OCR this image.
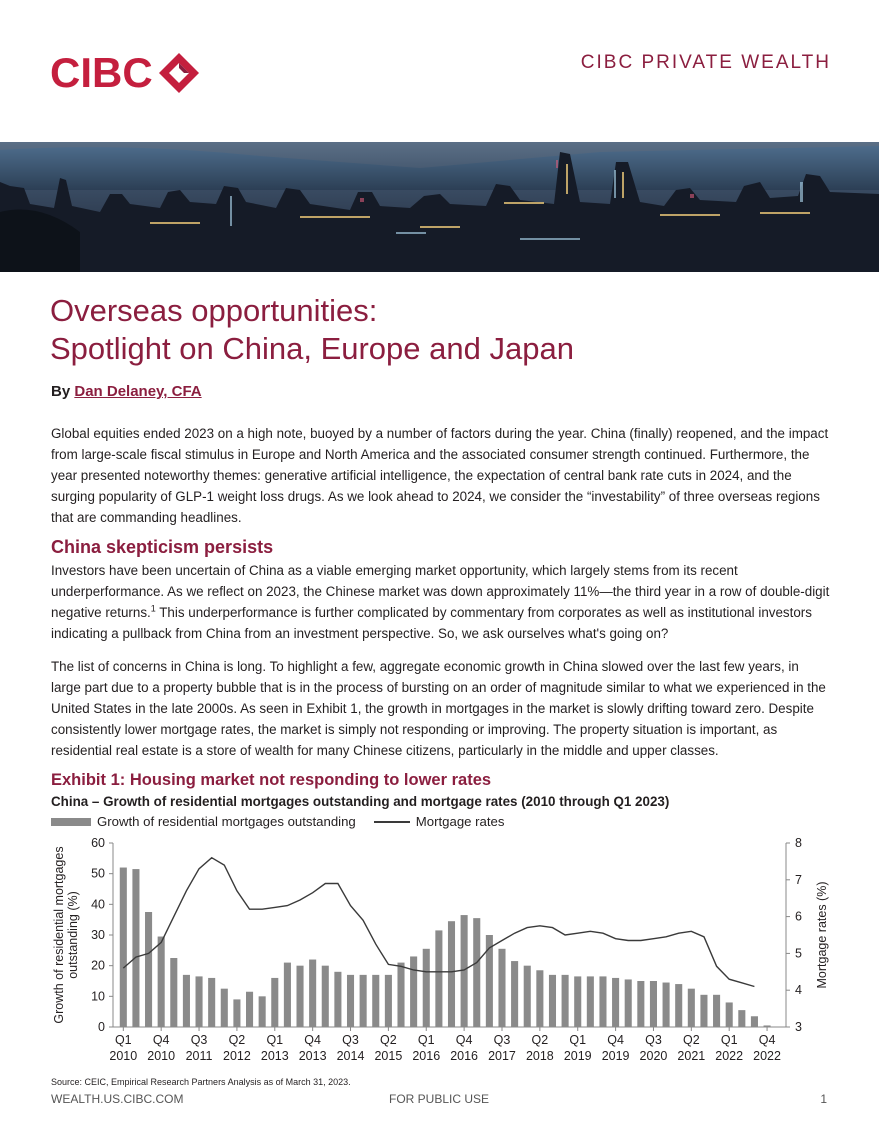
CIBC	CIBC PRIVATE WEALTH
Overseas opportunities:
Spotlight on China, Europe and Japan
By Dan Delaney, CFA

Global equities ended 2023 on a high note, buoyed by a number of factors during the year. China (finally) reopened, and the impact from large-scale fiscal stimulus in Europe and North America and the associated consumer strength continued. Furthermore, the year presented noteworthy themes: generative artificial intelligence, the expectation of central bank rate cuts in 2024, and the surging popularity of GLP-1 weight loss drugs. As we look ahead to 2024, we consider the “investability” of three overseas regions that are commanding headlines.

China skepticism persists

Investors have been uncertain of China as a viable emerging market opportunity, which largely stems from its recent underperformance. As we reflect on 2023, the Chinese market was down approximately 11%—the third year in a row of double-digit negative returns.$^1$ This underperformance is further complicated by commentary from corporates as well as institutional investors indicating a pullback from China from an investment perspective. So, we ask ourselves what's going on?

The list of concerns in China is long. To highlight a few, aggregate economic growth in China slowed over the last few years, in large part due to a property bubble that is in the process of bursting on an order of magnitude similar to what we experienced in the United States in the late 2000s. As seen in Exhibit 1, the growth in mortgages in the market is slowly drifting toward zero. Despite consistently lower mortgage rates, the market is simply not responding or improving. The property situation is important, as residential real estate is a store of wealth for many Chinese citizens, particularly in the middle and upper classes.

Exhibit 1: Housing market not responding to lower rates
China – Growth of residential mortgages outstanding and mortgage rates (2010 through Q1 2023)
Growth of residential mortgages outstanding	Mortgage rates
Growth of residential mortgagesoutstanding (%)	Mortgage rates (%)
0
10
20
30
40
50
60
3
4
5
6
7
8
Q1
2010
Q4
2010
Q3
2011
Q2
2012
Q1
2013
Q4
2013
Q3
2014
Q2
2015
Q1
2016
Q4
2016
Q3
2017
Q2
2018
Q1
2019
Q4
2019
Q3
2020
Q2
2021
Q1
2022
Q4
2022
Source: CEIC, Empirical Research Partners Analysis as of March 31, 2023.
WEALTH.US.CIBC.COM	FOR PUBLIC USE	1
